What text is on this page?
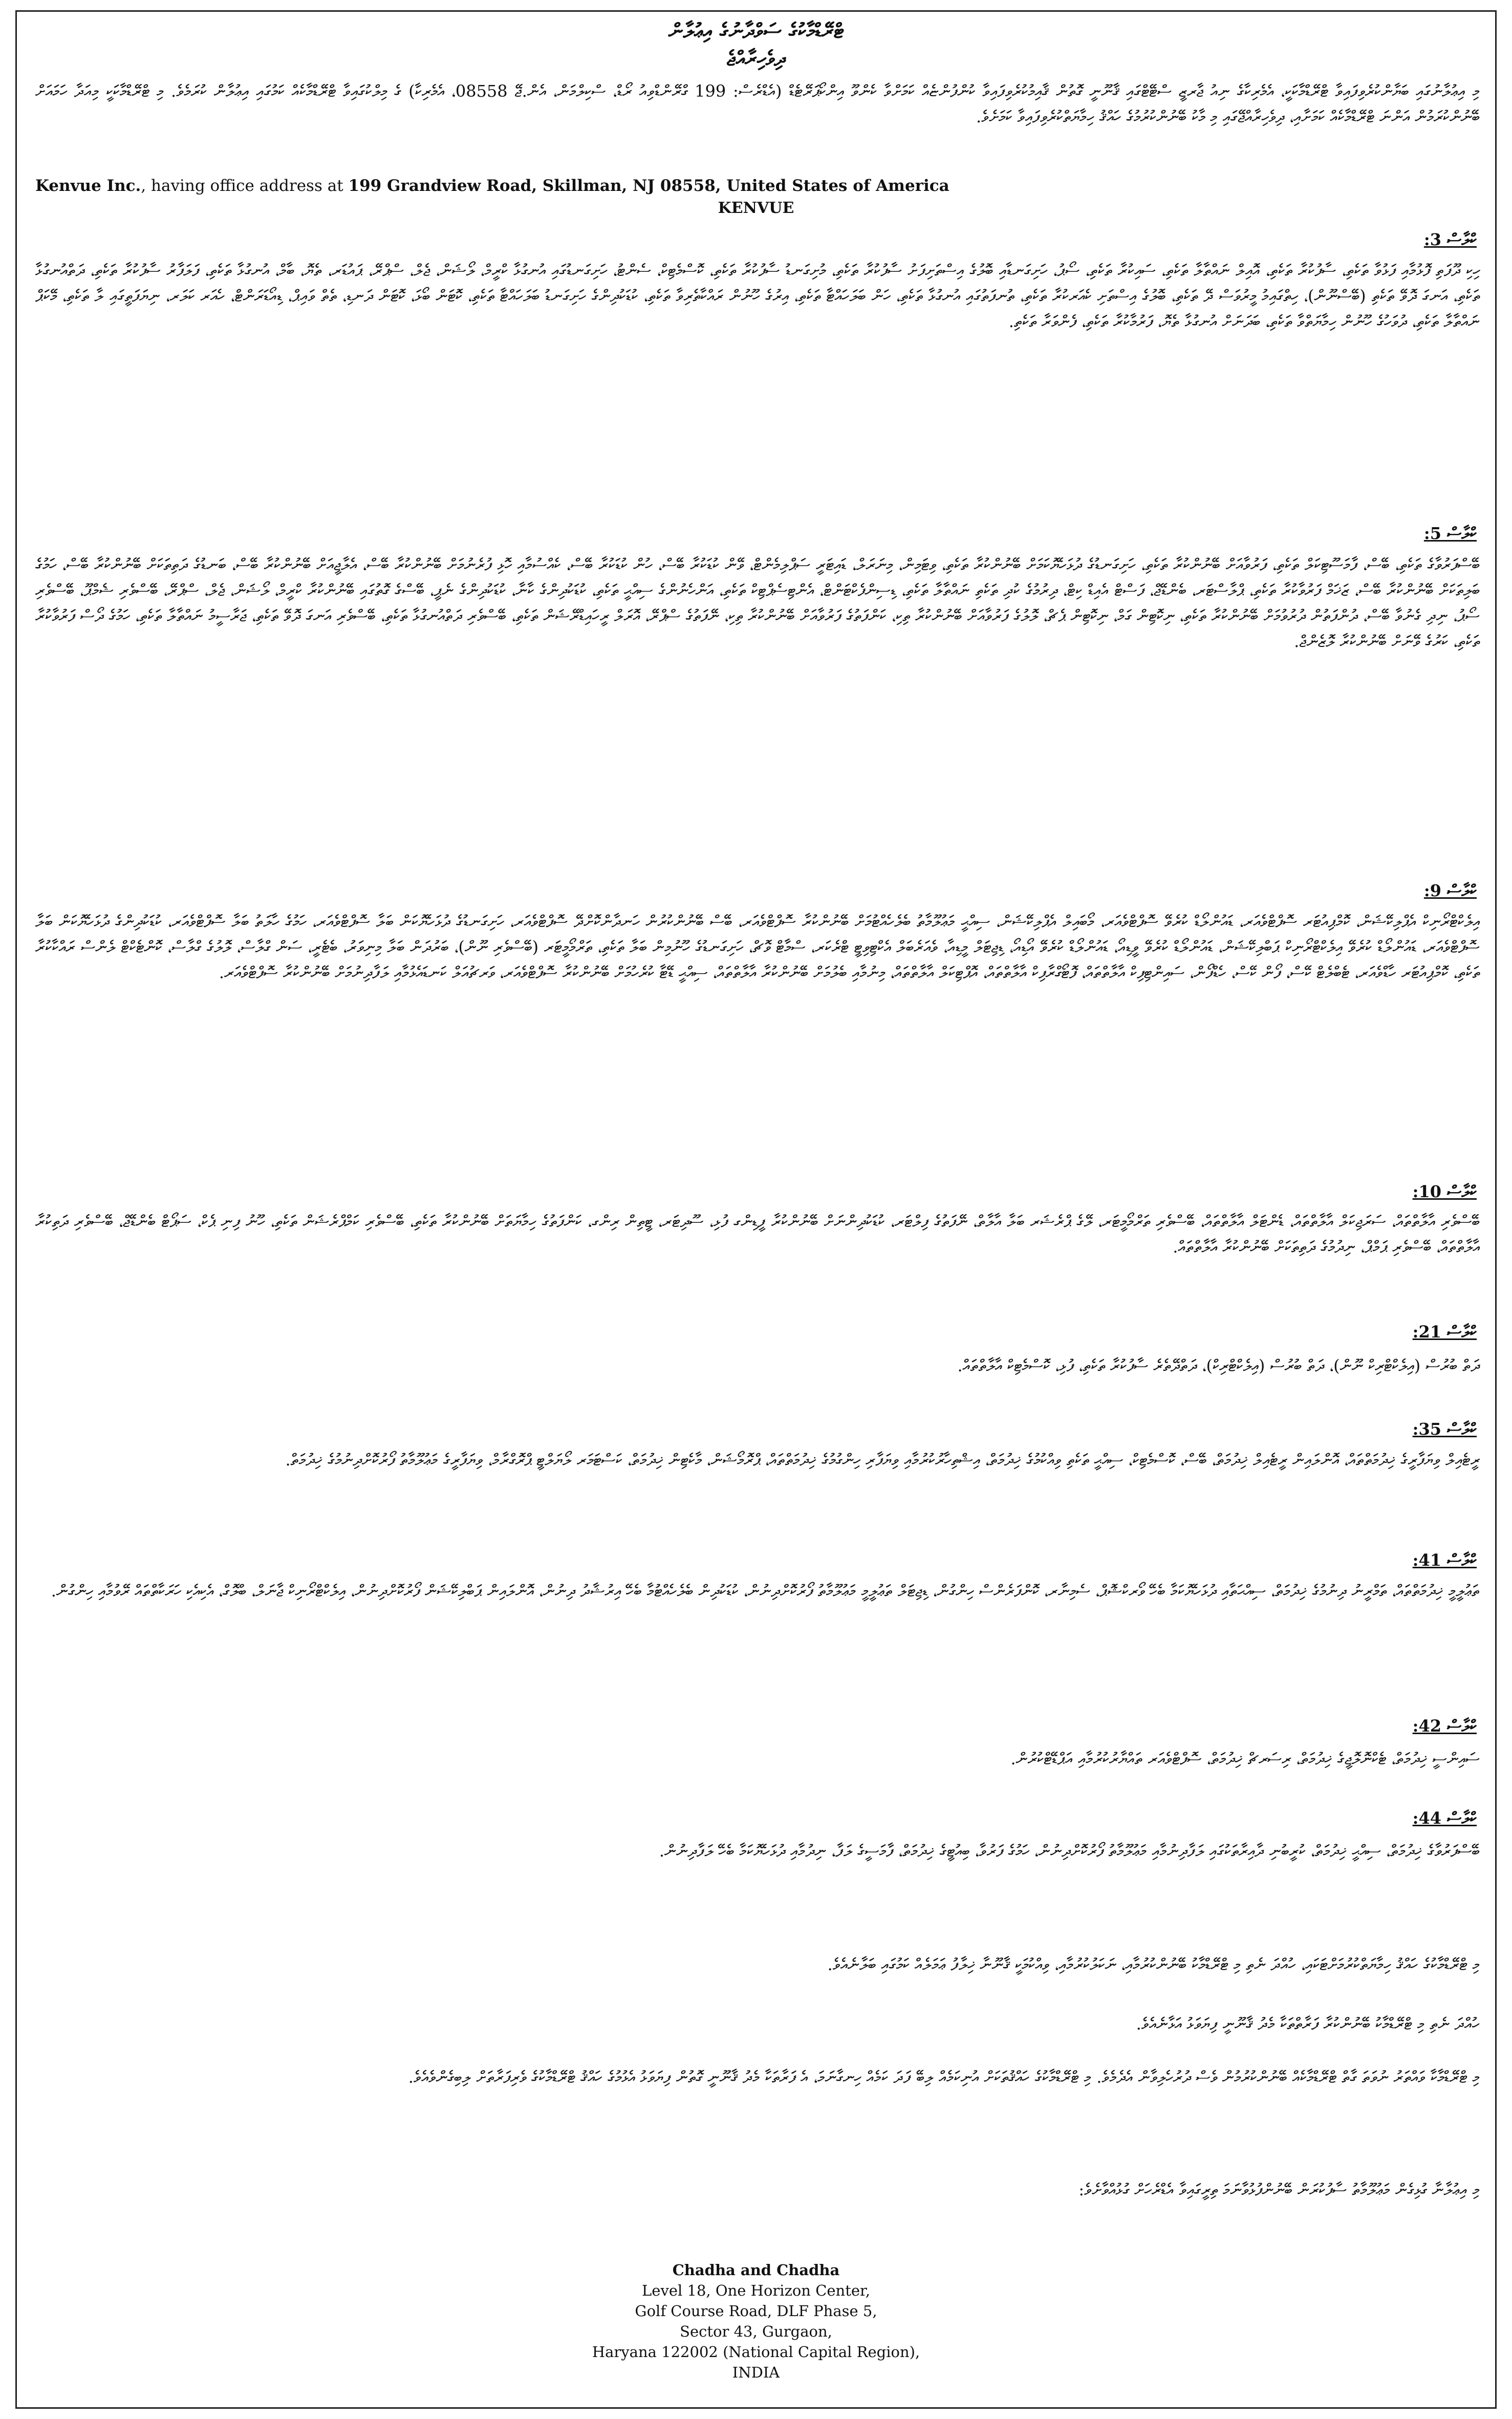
ޓްރޭޑްމާކުގެ ސަވްދާނުގެ އިޢުލާން
ދިވެހިރާއްޖެ

މި އިޢުލާނުގައި ބަޔާންކުރެވިފައިވާ ޓްރޭޑްމާކަކީ، އެމެރިކާގެ ނިއު ޖާރޒީ ސްޓޭޓްގައި ޤާނޫނީ ގޮތުން ޤާއިމުކުރެވިފައިވާ ކުންފުންޏެއް ކަމަށްވާ ކެންވޫ އިންކޯޕަރޭޓެޑް (އެޑްރެސް: 199 ގްރޭންޑްވިއު ރޯޑް، ސްކިލްމަން، އެން.ޖޭ 08558، އެމެރިކާ) ގެ މިލްކުގައިވާ ޓްރޭޑްމާކެއް ކަމުގައި އިޢުލާން ކުރަމެވެ. މި ޓްރޭޑްމާކަކީ މިއަދާ ހަމައަށް ބޭނުންކުރަމުން އަންނަ ޓްރޭޑްމާކެއް ކަމަށާއި، ދިވެހިރާއްޖޭގައި މި މާކު ބޭނުންކުރުމުގެ ހައްޤު ހިމާޔަތްކުރެވިފައިވާ ކަމަށެވެ.

Kenvue Inc., having office address at 199 Grandview Road, Skillman, NJ 08558, United States of America
KENVUE
ކްލާސް 3:

ހިކި ދޫފަތި ފޮޅުމާއި ފަޅުވާ ތަކެތި، ސާފުކުރާ ތަކެތި، އޮއިލް ނައްތާލާ ތަކެތި، ސައިކުރާ ތަކެތި، ސޯޕު، ހަށިގަނޑާއި ބޮލުގެ އިސްތަށިފަށު ސާފުކުރާ ތަކެތި، މުށިގަނޑު ސާފުކުރާ ތަކެތި، ކޮސްމެޓިކް، ސެންޓު، ހަށިގަނޑުގައި އުނގުޅާ ކްރީމް، ލޯޝަން، ޖެލް، ސްޕްރޭ، ޕައުޑަރ، ތެޔޮ، ބާމް، އުނގުޅާ ތަކެތި، ފަލަފާރު ސާފުކުރާ ތަކެތި، ދަތްއުނގުޅާ ތަކެތި، އަނގަ ދޮވޭ ތަކެތި (ބޭސްނޫން)، ހިތްގައިމު މީރުވަސް ދޭ ތަކެތި، ބޮލުގެ އިސްތަށި ކެއަރކުރާ ތަކެތި، ތުނފަތުގައި އުނގުޅާ ތަކެތި، ހަން ބަލަހައްޓާ ތަކެތި، އިރުގެ ހޫނުން ރައްކާތެރިވާ ތަކެތި، ކުޑަކުދިންގެ ހަށިގަނޑު ބަލަހައްޓާ ތަކެތި، ކޮޓަން ބޯޅަ، ކޮޓަން ދަނޑި، ތެތް ވައިޕް، ޑިއޯޑަރަންޓް، ހެއަރ ކަލަރ، ނިޔަފަތީގައި ލާ ތަކެތި، މޭކަޕް ނައްތާލާ ތަކެތި، ދުވަހުގެ ހޫނުން ހިމާޔަތްވާ ތަކެތި، ބަދަނަށް އުނގުޅާ ތެޔޮ، ފަރުމާކުރާ ތަކެތި، ފެންވަރާ ތަކެތި.

ކްލާސް 5:

ބޭސްފަރުވާގެ ތަކެތި، ބޭސް، ފާމަސޫޓިކަލް ތަކެތި، ފަރުވާއަށް ބޭނުންކުރާ ތަކެތި، ހަށިގަނޑުގެ ދުޅަހެޔޮކަމަށް ބޭނުންކުރާ ތަކެތި، ވިޓަމިން، މިނަރަލް، ޑައިޓަރީ ސަޕްލިމެންޓް، ވޭން ކުޑަކުރާ ބޭސް، ހުން ކުޑަކުރާ ބޭސް، ކެއްސުމާއި ހޮޅި ފުރެނުމަށް ބޭނުންކުރާ ބޭސް، އެލާޖީއަށް ބޭނުންކުރާ ބޭސް، ބަނޑުގެ ދަތިތަކަށް ބޭނުންކުރާ ބޭސް، ހަމުގެ ބަލިތަކަށް ބޭނުންކުރާ ބޭސް، ޒަޚަމް ފަރުވާކުރާ ތަކެތި، ޕްލާސްޓަރ، ބެންޑޭޖް، ފަސްޓް އެއިޑް ކިޓް، ދިރުމުގެ ކުދި ތަކެތި ނައްތާލާ ތަކެތި، ޑިސިންފެކްޓަންޓް، އެންޓިސެޕްޓިކް ތަކެތި، އަންހެނުންގެ ސިއްޙީ ތަކެތި، ކުޑަކުދިންގެ ކާނާ، ކުޑަކުދިންގެ ނެޕީ، ބޭސްގެ ގޮތުގައި ބޭނުންކުރާ ކްރީމް، ލޯޝަން، ޖެލް، ސްޕްރޭ، ބޭސްވެރި ޝެމްޕޫ، ބޭސްވެރި ސޯޕު، ނިދި ގެނުވާ ބޭސް، ދުންފަތުން ދުރުވުމަށް ބޭނުންކުރާ ތަކެތި، ނިކޮޓިން ގަމް، ނިކޮޓިން ޕެޗް، ލޮލުގެ ފަރުވާއަށް ބޭނުންކުރާ ތިކި، ކަންފަތުގެ ފަރުވާއަށް ބޭނުންކުރާ ތިކި، ނޭފަތުގެ ސްޕްރޭ، އޮރަލް ރީހައިޑްރޭޝަން ތަކެތި، ބޭސްވެރި ދަތްއުނގުޅާ ތަކެތި، ބޭސްވެރި އަނގަ ދޮވޭ ތަކެތި، ޖަރާސީމު ނައްތާލާ ތަކެތި، ހަމުގެ ދޯސް ފަރުވާކުރާ ތަކެތި، ކަރުގެ ވޭނަށް ބޭނުންކުރާ ލޮޒެންޖް.

ކްލާސް 9:

އިލެކްޓްރޯނިކް އެޕްލިކޭޝަން، ކޮމްޕިއުޓަރ ސޮފްޓްވެއަރ، ޑައުންލޯޑް ކުރެވޭ ސޮފްޓްވެއަރ، މޯބައިލް އެޕްލިކޭޝަން، ސިއްޙީ މަޢުލޫމާތު ބެލެހެއްޓުމަށް ބޭނުންކުރާ ސޮފްޓްވެއަރ، ބޭސް ބޭނުންކުރުން ހަނދާންކޮށްދޭ ސޮފްޓްވެއަރ، ހަށިގަނޑުގެ ދުޅަހެޔޮކަން ބަލާ ސޮފްޓްވެއަރ، ހަމުގެ ހާލަތު ބަލާ ސޮފްޓްވެއަރ، ކުޑަކުދިންގެ ދުޅަހެޔޮކަން ބަލާ ސޮފްޓްވެއަރ، ޑައުންލޯޑް ކުރެވޭ އިލެކްޓްރޯނިކް ޕަބްލިކޭޝަން، ޑައުންލޯޑް ކުރެވޭ ވީޑިއޯ، ޑައުންލޯޑް ކުރެވޭ އޯޑިއޯ، ޑިޖިޓަލް މީޑިއާ، ވެއަރެބަލް އެކްޓިވިޓީ ޓްރެކަރ، ސްމާޓް ވޮޗް، ހަށިގަނޑުގެ ހޫނުމިން ބަލާ ތަކެތި، ތަރްމޯމީޓަރ (ބޭސްވެރި ނޫން)، ބަރުދަން ބަލާ މިނިވަރު، ބެޓެރީ، ސަން ގްލާސް، ލޮލުގެ ގްލާސް، ކޮންޓެކްޓް ލެންސް ރައްކާކުރާ ތަކެތި، ކޮމްޕިއުޓަރ ހާޑްވެއަރ، ޓެބްލެޓް ކޭސް، ފޯން ކޭސް، ހެޑްފޯން، ސައިންޓިފިކް އާލާތްތައް، ފޮޓޯގްރާފިކް އާލާތްތައް، އޮޕްޓިކަލް އާލާތްތައް، މިނުމާއި ބެލުމަށް ބޭނުންކުރާ އާލާތްތައް، ސިއްޙީ ޑޭޓާ ކުރެހުމަށް ބޭނުންކުރާ ސޮފްޓްވެއަރ، ވަރޗުއަލް ކަނޑައެޅުމާއި ލަފާދިނުމަށް ބޭނުންކުރާ ސޮފްޓްވެއަރ.

ކްލާސް 10:

ބޭސްވެރި އާލާތްތައް، ސަރަޖިކަލް އާލާތްތައް، ޑެންޓަލް އާލާތްތައް، ބޭސްވެރި ތަރްމޯމީޓަރ، ލޭގެ ޕްރެޝަރ ބަލާ އާލާތް، ނޭފަތުގެ ފިލްޓަރ، ކުޑަކުދިންނަށް ބޭނުންކުރާ ފީޑިންގ ފުޅި، ސޫދިޓަރ، ޓީތިން ރިންގ، ކަންފަތުގެ ހިމާޔަތަށް ބޭނުންކުރާ ތަކެތި، ބޭސްވެރި ކަމްޕްރެޝަން ތަކެތި، ހޫނު ފިނި ޕެކް، ސަޕޯޓް ބެންޑޭޖް، ބޭސްވެރި ދަތިކުރާ އާލާތްތައް، ބޭސްވެރި ޕަމްޕް، ނިދުމުގެ ދަތިތަކަށް ބޭނުންކުރާ އާލާތްތައް.

ކްލާސް 21:

ދަތް ބުރުސް (އިލެކްޓްރިކް ނޫން)، ދަތް ބުރުސް (އިލެކްޓްރިކް)، ދަތްދޭތެރެ ސާފުކުރާ ތަކެތި، ފުޅި، ކޮސްމެޓިކް އާލާތްތައް.

ކްލާސް 35:

ރީޓެއިލް ވިޔަފާރީގެ ޚިދުމަތްތައް، އޮންލައިން ރީޓެއިލް ޚިދުމަތް، ބޭސް، ކޮސްމެޓިކް، ސިއްޙީ ތަކެތި ވިއްކުމުގެ ޚިދުމަތް، އިޝްތިހާރުކުރުމާއި ވިޔަފާރި ހިންގުމުގެ ޚިދުމަތްތައް، ޕްރޮމޯޝަން، މާކެޓިން ޚިދުމަތް، ކަސްޓަމަރ ލޯޔަލްޓީ ޕްރޮގްރާމް، ވިޔަފާރީގެ މަޢުލޫމާތު ފޯރުކޮށްދިނުމުގެ ޚިދުމަތް.

ކްލާސް 41:

ތަޢުލީމީ ޚިދުމަތްތައް، ތަމްރީނު ދިނުމުގެ ޚިދުމަތް، ސިއްޙަތާއި ދުޅަހެޔޮކަމާ ބެހޭ ވޯރކްޝޮޕް، ސެމިނާރ، ކޮންފަރެންސް ހިންގުން، ޑިޖިޓަލް ތަޢުލީމީ މަޢުލޫމާތު ފޯރުކޮށްދިނުން، ކުޑަކުދިން ބެލެހެއްޓުމާ ބެހޭ އިރުޝާދު ދިނުން، އޮންލައިން ޕަބްލިކޭޝަން ފޯރުކޮށްދިނުން، އިލެކްޓްރޯނިކް ޖާނަލް، ބްލޮގް، އެކިއެކި ހަރަކާތްތައް ރޭވުމާއި ހިންގުން.

ކްލާސް 42:

ސައިންސީ ޚިދުމަތް، ޓެކްނޮލޮޖީގެ ޚިދުމަތް، ރިސަރޗް ޚިދުމަތް، ސޮފްޓްވެއަރ ތައްޔާރުކުރުމާއި އަޕްޑޭޓްކުރުން.

ކްލާސް 44:

ބޭސްފަރުވާގެ ޚިދުމަތް، ސިއްޙީ ޚިދުމަތް، ކުރީބުނި ދާއިރާތަކުގައި ލަފާދިނުމާއި މަޢުލޫމާތު ފޯރުކޮށްދިނުން، ހަމުގެ ފަރުވާ، ބިއުޓީގެ ޚިދުމަތް، ފާމަސީގެ ލަފާ، ނިދުމާއި ދުޅަހެޔޮކަމާ ބެހޭ ލަފާދިނުން.

މި ޓްރޭޑްމާކުގެ ހައްޤު ހިމާޔަތްކުރުމަށްޓަކައި، ހުއްދަ ނެތި މި ޓްރޭޑްމާކު ބޭނުންކުރުމާއި، ނަކަލުކުރުމާއި، ވިއްކުމަކީ ޤާނޫނާ ޚިލާފު ޢަމަލެއް ކަމުގައި ބަލާނެއެވެ.

ހުއްދަ ނެތި މި ޓްރޭޑްމާކު ބޭނުންކުރާ ފަރާތްތަކާ މެދު ޤާނޫނީ ފިޔަވަޅު އަޅާނެއެވެ.

މި ޓްރޭޑްމާކާ ވައްތަރު ނުވަތަ ގާތް ޓްރޭޑްމާކެއް ބޭނުންކުރުމުން ވެސް ދުރުހެލިވާން އެދެމެވެ. މި ޓްރޭޑްމާކުގެ ހައްޤުތަކަށް އުނިކަމެއް ލިބޭ ފަދަ ކަމެއް ހިނގާނަމަ، އެ ފަރާތަކާ މެދު ޤާނޫނީ ގޮތުން ފިޔަވަޅު އެޅުމުގެ ހައްޤު ޓްރޭޑްމާކުގެ ވެރިފަރާތަށް ލިބިގެންވެއެވެ.

މި އިޢުލާނާ ގުޅިގެން މަޢުލޫމާތު ސާފުކުރަން ބޭނުންފުޅުވާނަމަ ތިރީގައިވާ އެޑްރެހަށް ގުޅުއްވާށެވެ:

Chadha and Chadha
Level 18, One Horizon Center,
Golf Course Road, DLF Phase 5,
Sector 43, Gurgaon,
Haryana 122002 (National Capital Region),
INDIA
